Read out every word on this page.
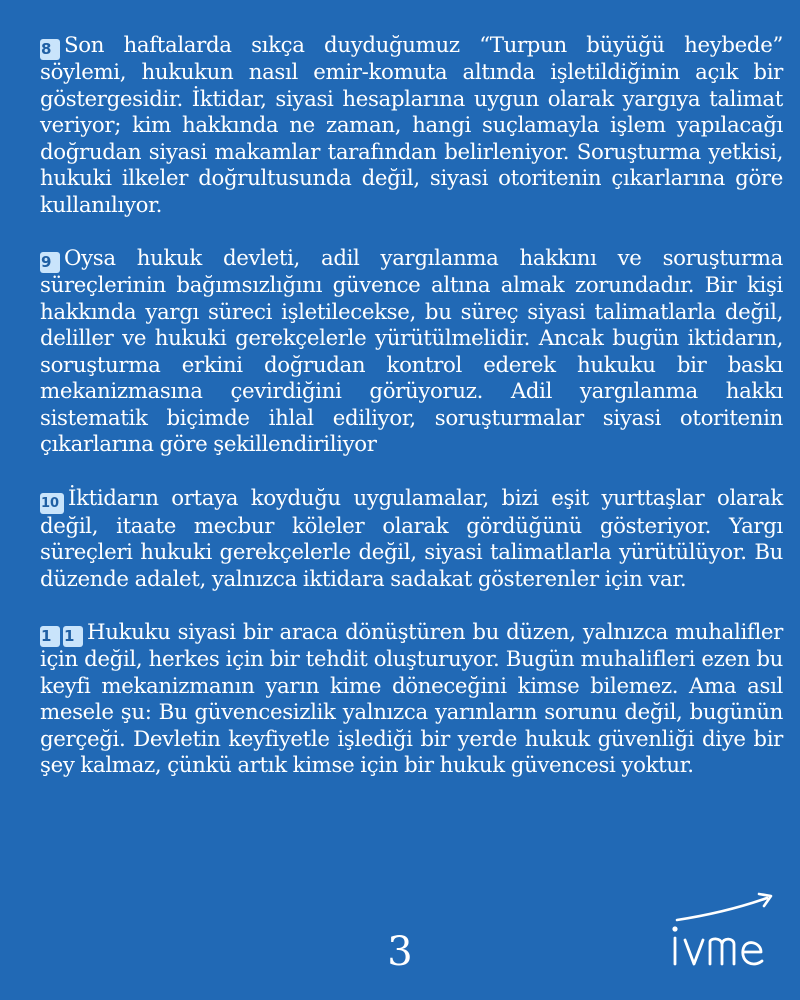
8 Son haftalarda sıkça duyduğumuz “Turpun büyüğü heybede” söylemi, hukukun nasıl emir-komuta altında işletildiğinin açık bir göstergesidir. İktidar, siyasi hesaplarına uygun olarak yargıya talimat veriyor; kim hakkında ne zaman, hangi suçlamayla işlem yapılacağı doğrudan siyasi makamlar tarafından belirleniyor. Soruşturma yetkisi, hukuki ilkeler doğrultusunda değil, siyasi otoritenin çıkarlarına göre kullanılıyor.

9 Oysa hukuk devleti, adil yargılanma hakkını ve soruşturma süreçlerinin bağımsızlığını güvence altına almak zorundadır. Bir kişi hakkında yargı süreci işletilecekse, bu süreç siyasi talimatlarla değil, deliller ve hukuki gerekçelerle yürütülmelidir. Ancak bugün iktidarın, soruşturma erkini doğrudan kontrol ederek hukuku bir baskı mekanizmasına çevirdiğini görüyoruz. Adil yargılanma hakkı sistematik biçimde ihlal ediliyor, soruşturmalar siyasi otoritenin çıkarlarına göre şekillendiriliyor

10 İktidarın ortaya koyduğu uygulamalar, bizi eşit yurttaşlar olarak değil, itaate mecbur köleler olarak gördüğünü gösteriyor. Yargı süreçleri hukuki gerekçelerle değil, siyasi talimatlarla yürütülüyor. Bu düzende adalet, yalnızca iktidara sadakat gösterenler için var.

1 1 Hukuku siyasi bir araca dönüştüren bu düzen, yalnızca muhalifler için değil, herkes için bir tehdit oluşturuyor. Bugün muhalifleri ezen bu keyfi mekanizmanın yarın kime döneceğini kimse bilemez. Ama asıl mesele şu: Bu güvencesizlik yalnızca yarınların sorunu değil, bugünün gerçeği. Devletin keyfiyetle işlediği bir yerde hukuk güvenliği diye bir şey kalmaz, çünkü artık kimse için bir hukuk güvencesi yoktur.

3
